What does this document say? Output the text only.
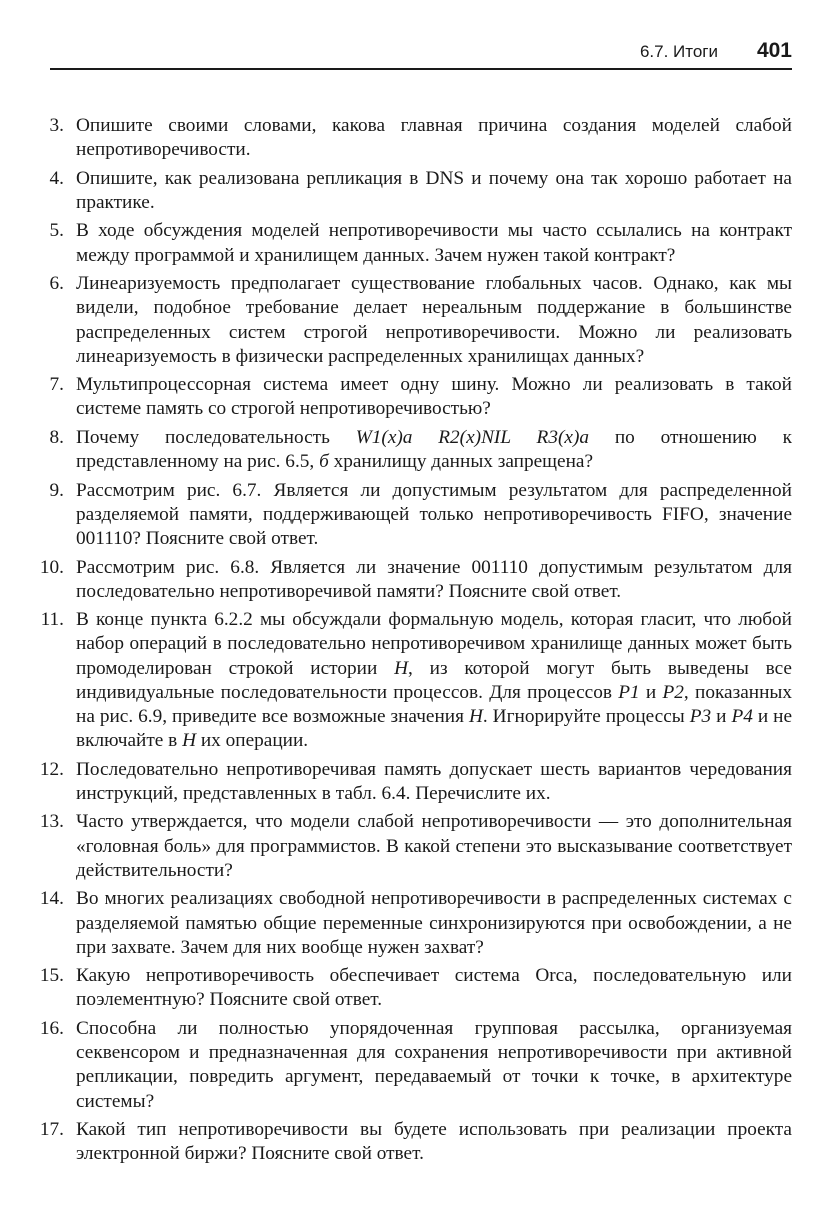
6.7. Итоги 401
3. Опишите своими словами, какова главная причина создания моделей слабой непротиворечивости.
4. Опишите, как реализована репликация в DNS и почему она так хорошо работает на практике.
5. В ходе обсуждения моделей непротиворечивости мы часто ссылались на контракт между программой и хранилищем данных. Зачем нужен такой контракт?
6. Линеаризуемость предполагает существование глобальных часов. Однако, как мы видели, подобное требование делает нереальным поддержание в большинстве распределенных систем строгой непротиворечивости. Можно ли реализовать линеаризуемость в физически распределенных хранилищах данных?
7. Мультипроцессорная система имеет одну шину. Можно ли реализовать в такой системе память со строгой непротиворечивостью?
8. Почему последовательность W1(x)a R2(x)NIL R3(x)a по отношению к представленному на рис. 6.5, б хранилищу данных запрещена?
9. Рассмотрим рис. 6.7. Является ли допустимым результатом для распределенной разделяемой памяти, поддерживающей только непротиворечивость FIFO, значение 001110? Поясните свой ответ.
10. Рассмотрим рис. 6.8. Является ли значение 001110 допустимым результатом для последовательно непротиворечивой памяти? Поясните свой ответ.
11. В конце пункта 6.2.2 мы обсуждали формальную модель, которая гласит, что любой набор операций в последовательно непротиворечивом хранилище данных может быть промоделирован строкой истории H, из которой могут быть выведены все индивидуальные последовательности процессов. Для процессов P1 и P2, показанных на рис. 6.9, приведите все возможные значения H. Игнорируйте процессы P3 и P4 и не включайте в H их операции.
12. Последовательно непротиворечивая память допускает шесть вариантов чередования инструкций, представленных в табл. 6.4. Перечислите их.
13. Часто утверждается, что модели слабой непротиворечивости — это дополнительная «головная боль» для программистов. В какой степени это высказывание соответствует действительности?
14. Во многих реализациях свободной непротиворечивости в распределенных системах с разделяемой памятью общие переменные синхронизируются при освобождении, а не при захвате. Зачем для них вообще нужен захват?
15. Какую непротиворечивость обеспечивает система Orca, последовательную или поэлементную? Поясните свой ответ.
16. Способна ли полностью упорядоченная групповая рассылка, организуемая секвенсором и предназначенная для сохранения непротиворечивости при активной репликации, повредить аргумент, передаваемый от точки к точке, в архитектуре системы?
17. Какой тип непротиворечивости вы будете использовать при реализации проекта электронной биржи? Поясните свой ответ.
